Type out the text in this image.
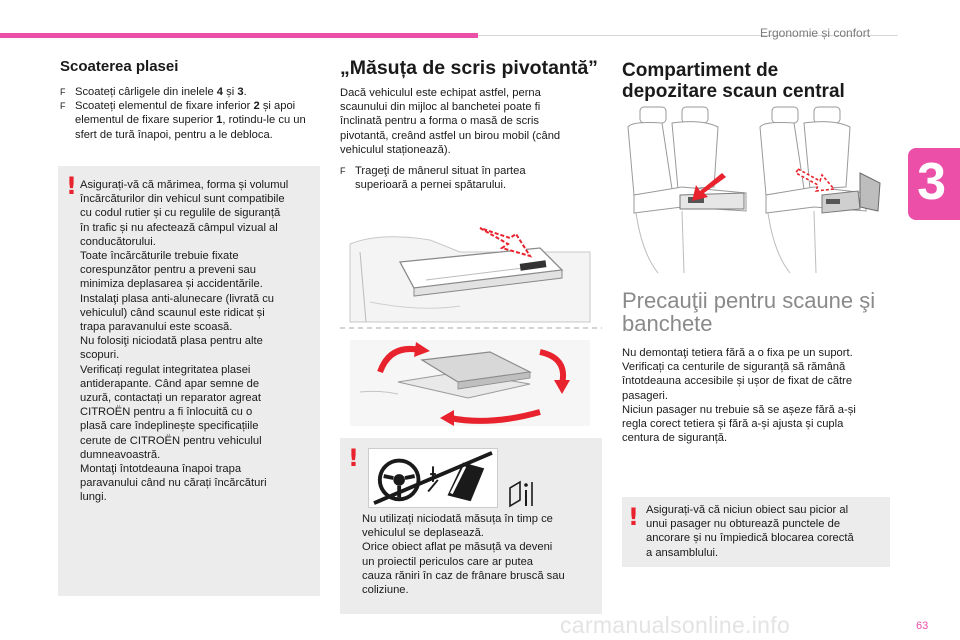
Ergonomie și confort
3
Scoaterea plasei
F Scoateți cârligele din inelele 4 și 3.
F Scoateți elementul de fixare inferior 2 și apoi elementul de fixare superior 1, rotindu-le cu un sfert de tură înapoi, pentru a le debloca.
! Asigurați-vă că mărimea, forma și volumul
încărcăturilor din vehicul sunt compatibile
cu codul rutier și cu regulile de siguranță
în trafic și nu afectează câmpul vizual al
conducătorului.
Toate încărcăturile trebuie fixate
corespunzător pentru a preveni sau
minimiza deplasarea și accidentările.
Instalaţi plasa anti-alunecare (livrată cu
vehiculul) când scaunul este ridicat și
trapa paravanului este scoasă.
Nu folosiţi niciodată plasa pentru alte
scopuri.
Verificați regulat integritatea plasei
antiderapante. Când apar semne de
uzură, contactați un reparator agreat
CITROËN pentru a fi înlocuită cu o
plasă care îndeplinește specificațiile
cerute de CITROËN pentru vehiculul
dumneavoastră.
Montaţi întotdeauna înapoi trapa
paravanului când nu cărați încărcături
lungi.
„Măsuța de scris pivotantă”
Dacă vehiculul este echipat astfel, perna
scaunului din mijloc al banchetei poate fi
înclinată pentru a forma o masă de scris
pivotantă, creând astfel un birou mobil (când
vehiculul staționează).
F Trageţi de mânerul situat în partea
superioară a pernei spătarului.
!
Nu utilizați niciodată măsuța în timp ce
vehiculul se deplasează.
Orice obiect aflat pe măsuță va deveni
un proiectil periculos care ar putea
cauza răniri în caz de frânare bruscă sau
coliziune.
Compartiment de
depozitare scaun central
Precauţii pentru scaune şi
banchete
Nu demontaţi tetiera fără a o fixa pe un suport.
Verificați ca centurile de siguranță să rămână
întotdeauna accesibile și ușor de fixat de către
pasageri.
Niciun pasager nu trebuie să se așeze fără a-și
regla corect tetiera și fără a-și ajusta și cupla
centura de siguranță.
! Asigurați-vă că niciun obiect sau picior al
unui pasager nu obturează punctele de
ancorare și nu împiedică blocarea corectă
a ansamblului.
carmanualsonline.info	63
